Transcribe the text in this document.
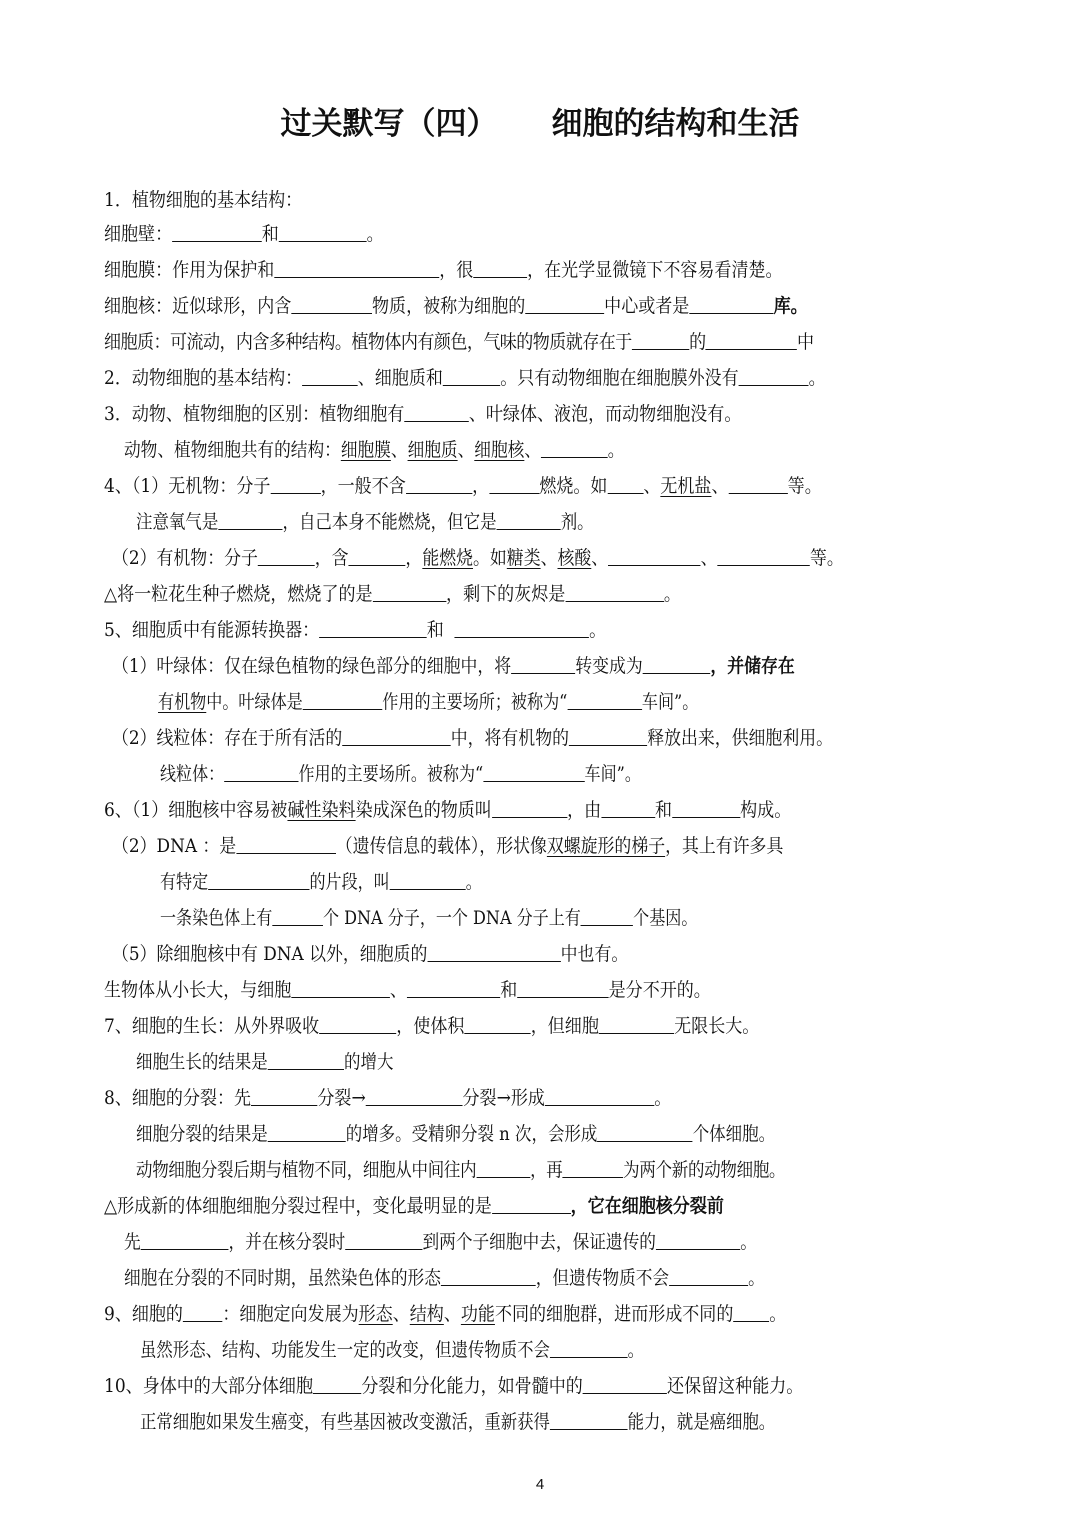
过关默写（四）     细胞的结构和生活
1．植物细胞的基本结构：
细胞壁：	和	。
细胞膜：作用为保护和	，很	，在光学显微镜下不容易看清楚。
细胞核：近似球形，内含	物质，被称为细胞的	中心或者是	库。
细胞质：可流动，内含多种结构。植物体内有颜色，气味的物质就存在于	的	中
2．动物细胞的基本结构：	、细胞质和	。只有动物细胞在细胞膜外没有	。
3．动物、植物细胞的区别：植物细胞有	、叶绿体、液泡，而动物细胞没有。
动物、植物细胞共有的结构：细胞膜、细胞质、细胞核、	。
4、（1）无机物：分子	，一般不含	，	燃烧。如 、无机盐、	等。
注意氧气是	，自己本身不能燃烧，但它是	剂。
（2）有机物：分子	，含	，能燃烧。如糖类、核酸、	、	等。
△将一粒花生种子燃烧，燃烧了的是	，剩下的灰烬是	。
5、细胞质中有能源转换器：	和	。
（1）叶绿体：仅在绿色植物的绿色部分的细胞中，将	转变成为	，并储存在
有机物中。叶绿体是	作用的主要场所；被称为“	车间”。
（2）线粒体：存在于所有活的	中，将有机物的	释放出来，供细胞利用。
线粒体：	作用的主要场所。被称为“	车间”。
6、（1）细胞核中容易被碱性染料染成深色的物质叫	，由	和	构成。
（2）DNA ：是	（遗传信息的载体），形状像双螺旋形的梯子，其上有许多具
有特定	的片段，叫	。
一条染色体上有	个 DNA 分子，一个 DNA 分子上有	个基因。
（5）除细胞核中有 DNA 以外，细胞质的	中也有。
生物体从小长大，与细胞	、	和	是分不开的。
7、细胞的生长：从外界吸收	，使体积	，但细胞	无限长大。
细胞生长的结果是	的增大
8、细胞的分裂：先	分裂→	分裂→形成	。
细胞分裂的结果是	的增多。受精卵分裂 n 次，会形成	个体细胞。
动物细胞分裂后期与植物不同，细胞从中间往内	，再	为两个新的动物细胞。
△形成新的体细胞细胞分裂过程中，变化最明显的是	，它在细胞核分裂前
先	，并在核分裂时	到两个子细胞中去，保证遗传的	。
细胞在分裂的不同时期，虽然染色体的形态	，但遗传物质不会	。
9、细胞的 ：细胞定向发展为形态、结构、功能不同的细胞群，进而形成不同的 。
虽然形态、结构、功能发生一定的改变，但遗传物质不会	。
10、身体中的大部分体细胞	分裂和分化能力，如骨髓中的	还保留这种能力。
正常细胞如果发生癌变，有些基因被改变激活，重新获得	能力，就是癌细胞。
4
